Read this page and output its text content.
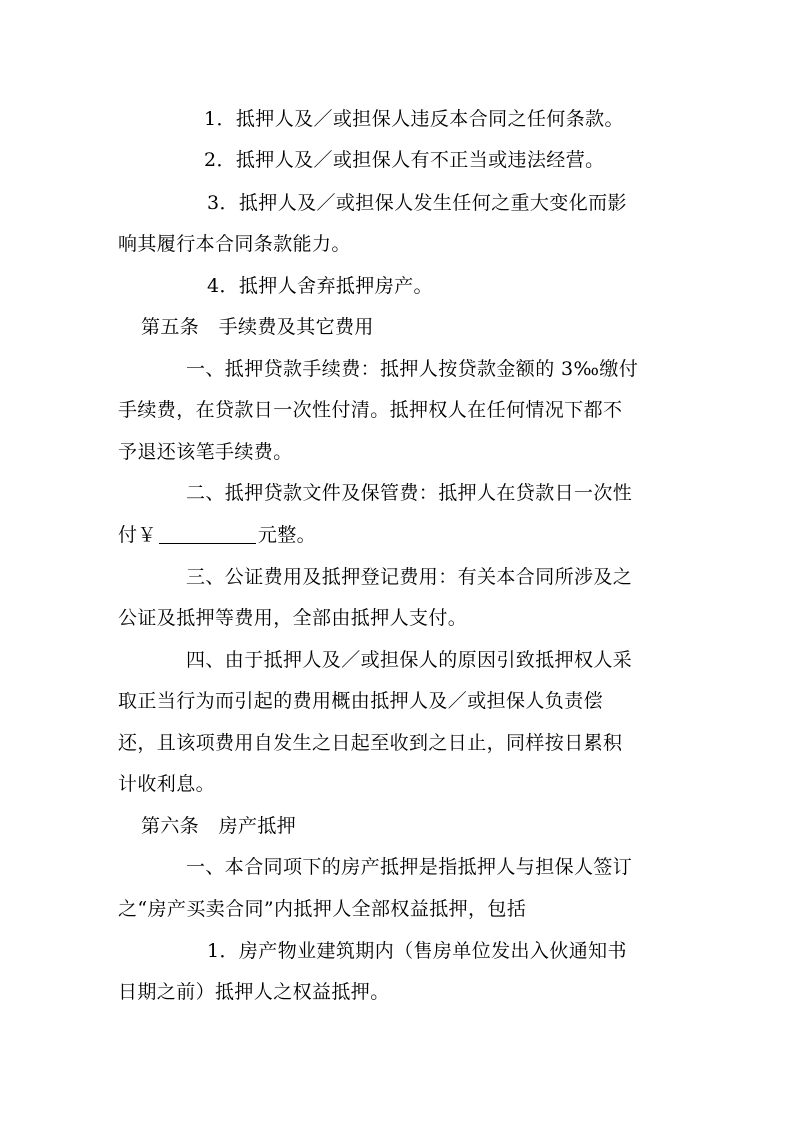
1．抵押人及／或担保人违反本合同之任何条款。
2．抵押人及／或担保人有不正当或违法经营。
3．抵押人及／或担保人发生任何之重大变化而影
响其履行本合同条款能力。
4．抵押人舍弃抵押房产。
第五条　手续费及其它费用
一、抵押贷款手续费：抵押人按贷款金额的 3‰缴付
手续费，在贷款日一次性付清。抵押权人在任何情况下都不
予退还该笔手续费。
二、抵押贷款文件及保管费：抵押人在贷款日一次性
付￥	元整。
三、公证费用及抵押登记费用：有关本合同所涉及之
公证及抵押等费用，全部由抵押人支付。
四、由于抵押人及／或担保人的原因引致抵押权人采
取正当行为而引起的费用概由抵押人及／或担保人负责偿
还，且该项费用自发生之日起至收到之日止，同样按日累积
计收利息。
第六条　房产抵押
一、本合同项下的房产抵押是指抵押人与担保人签订
之“房产买卖合同”内抵押人全部权益抵押，包括
1．房产物业建筑期内（售房单位发出入伙通知书
日期之前）抵押人之权益抵押。
